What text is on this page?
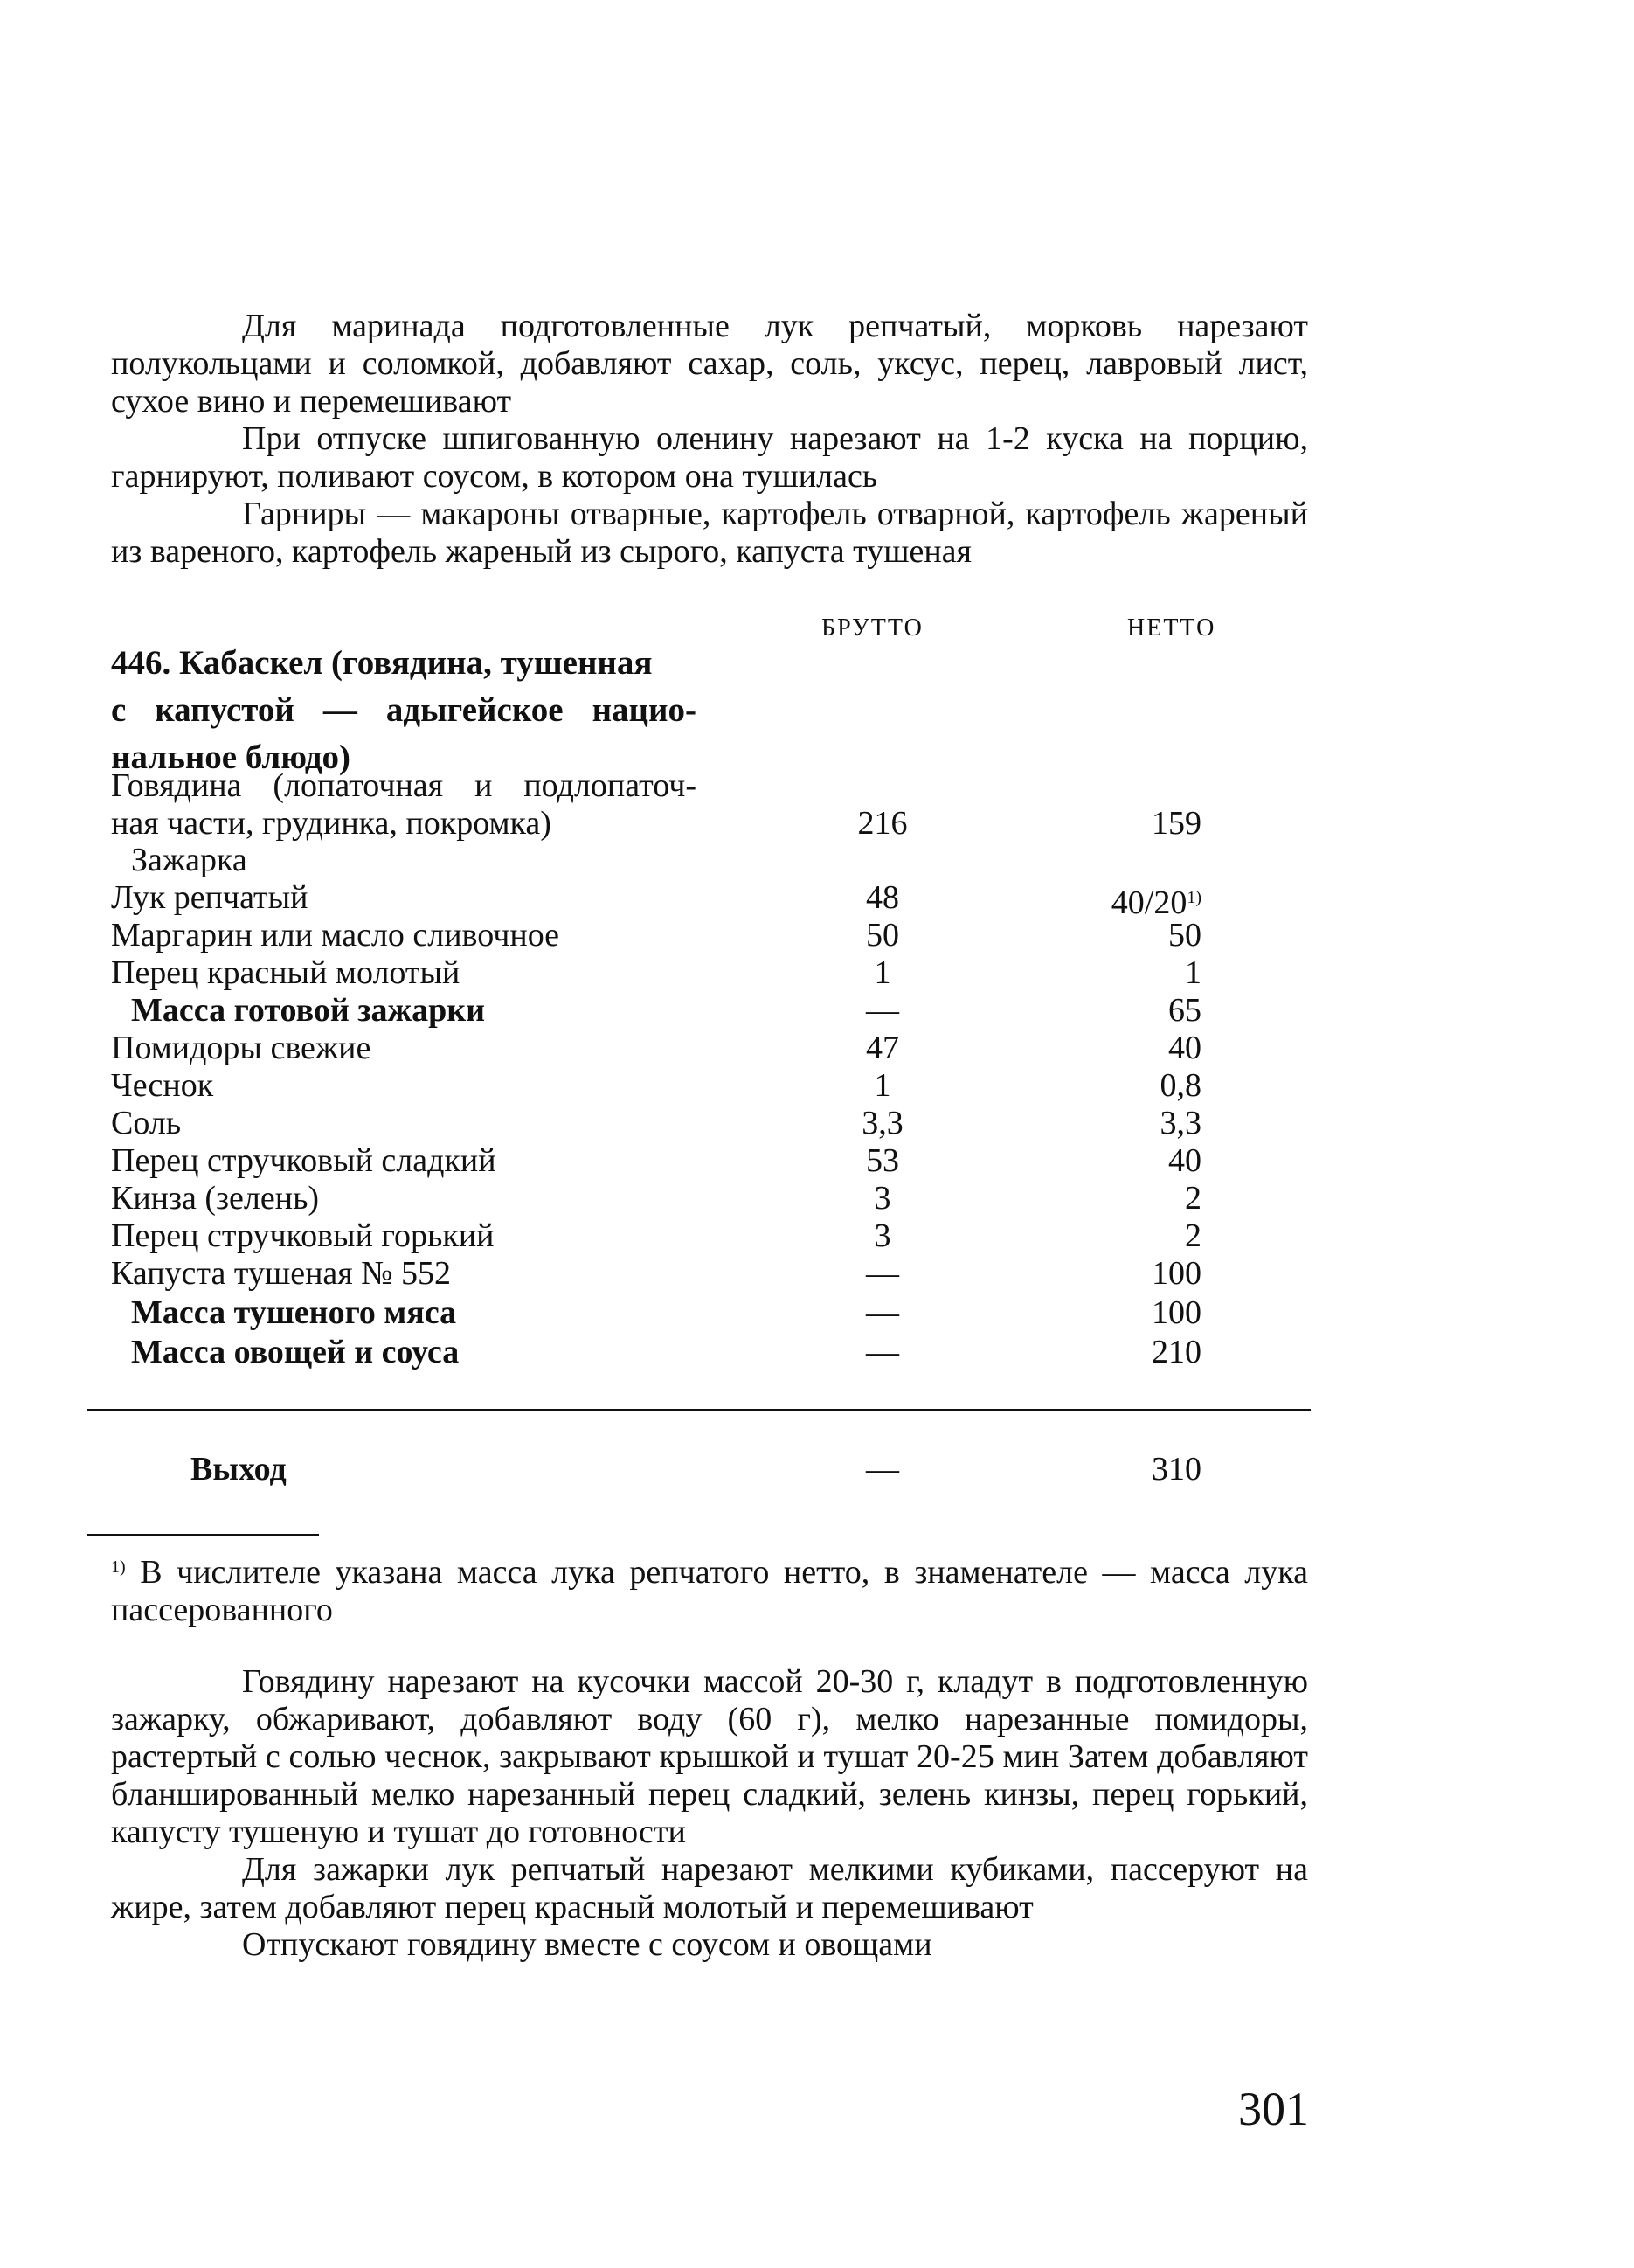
Для маринада подготовленные лук репчатый, морковь нарезают полукольцами и соломкой, добавляют сахар, соль, уксус, перец, лавровый лист, сухое вино и перемешивают

При отпуске шпигованную оленину нарезают на 1-2 куска на порцию, гарнируют, поливают соусом, в котором она тушилась

Гарниры — макароны отварные, картофель отварной, картофель жареный из вареного, картофель жареный из сырого, капуста тушеная

БРУТТО	НЕТТО
446. Кабаскел (говядина, тушенная
с капустой — адыгейское нацио-
нальное блюдо)
Говядина (лопаточная и подлопаточ-
ная части, грудинка, покромка)	216	159
Зажарка
Лук репчатый	48	40/20$^{1)}$
Маргарин или масло сливочное	50	50
Перец красный молотый	1	1
Масса готовой зажарки	—	65
Помидоры свежие	47	40
Чеснок	1	0,8
Соль	3,3	3,3
Перец стручковый сладкий	53	40
Кинза (зелень)	3	2
Перец стручковый горький	3	2
Капуста тушеная № 552	—	100
Масса тушеного мяса	—	100
Масса овощей и соуса	—	210
Выход	—	310
$^{1)}$ В числителе указана масса лука репчатого нетто, в знаменателе — масса лука пассерованного

Говядину нарезают на кусочки массой 20-30 г, кладут в подготовленную зажарку, обжаривают, добавляют воду (60 г), мелко нарезанные помидоры, растертый с солью чеснок, закрывают крышкой и тушат 20-25 мин Затем добавляют бланшированный мелко нарезанный перец сладкий, зелень кинзы, перец горький, капусту тушеную и тушат до готовности

Для зажарки лук репчатый нарезают мелкими кубиками, пассеруют на жире, затем добавляют перец красный молотый и перемешивают

Отпускают говядину вместе с соусом и овощами

301
